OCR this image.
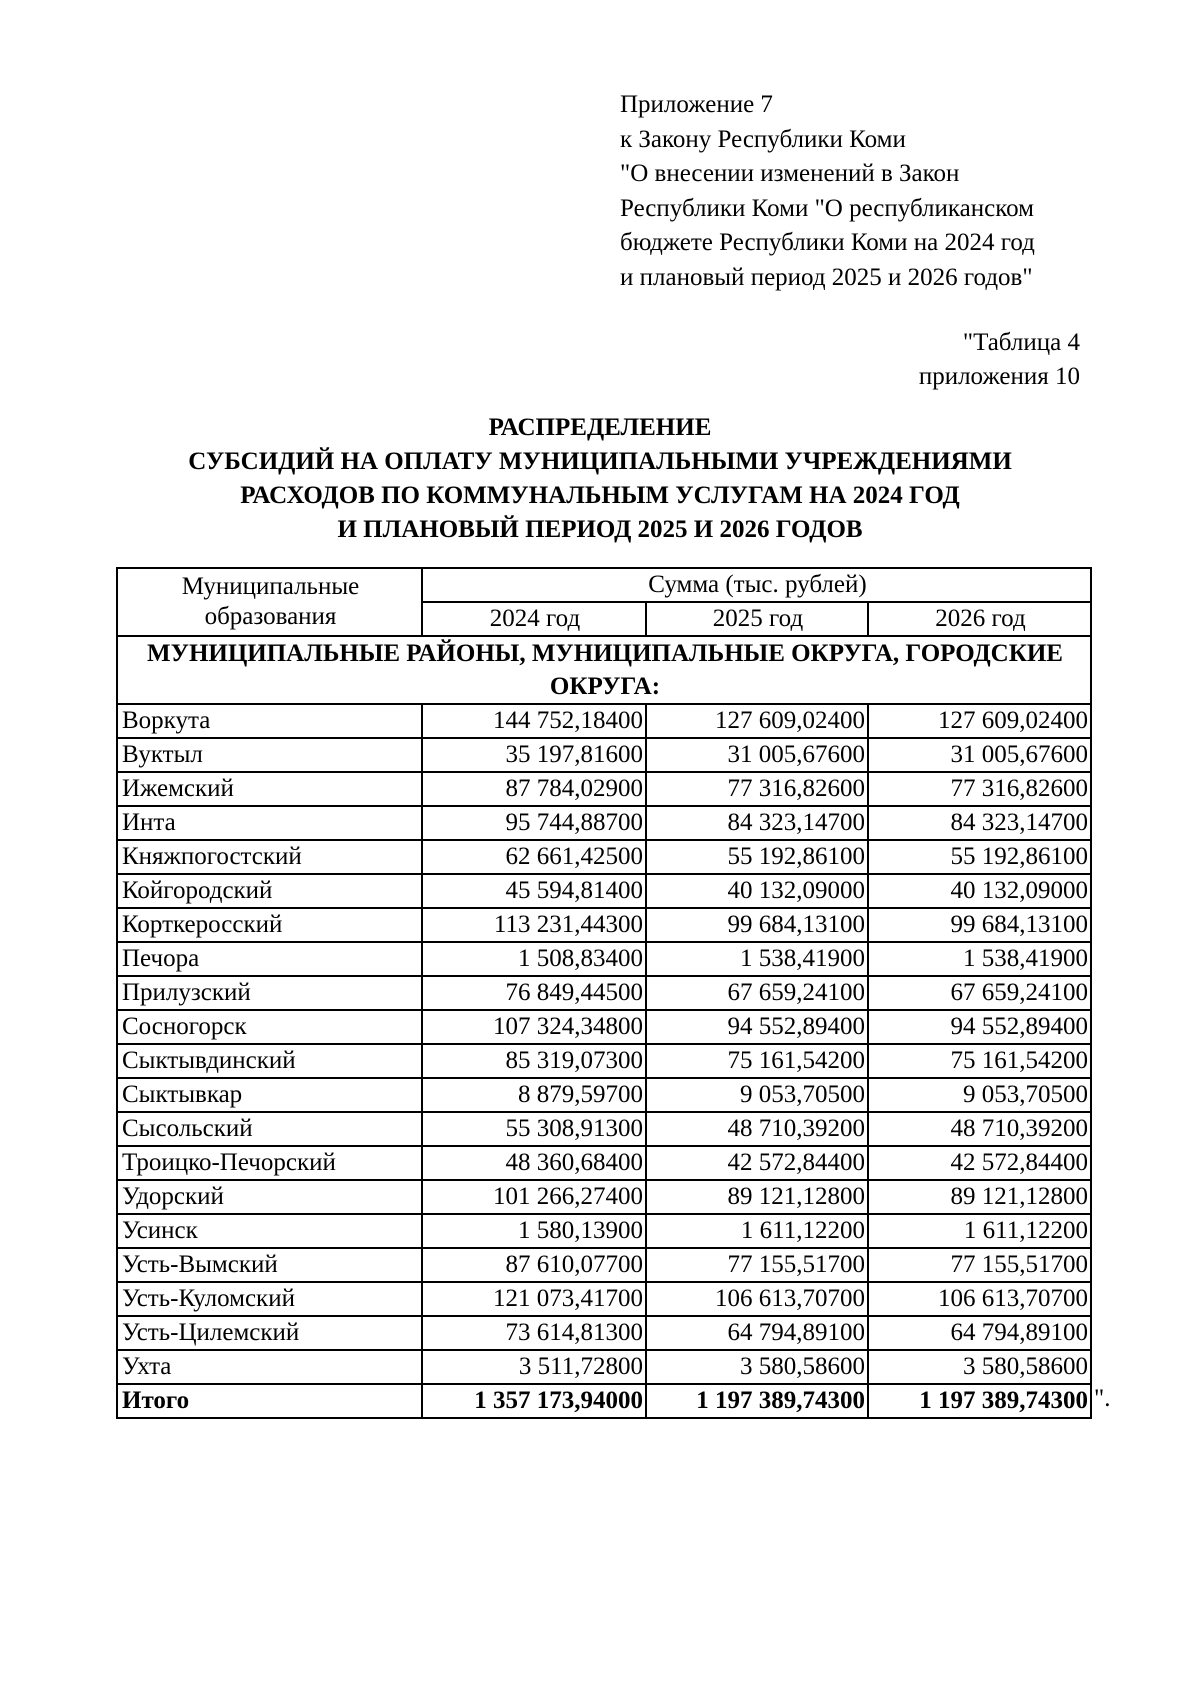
Приложение 7
к Закону Республики Коми
"О внесении изменений в Закон
Республики Коми "О республиканском
бюджете Республики Коми на 2024 год
и плановый период 2025 и 2026 годов"
"Таблица 4
приложения 10
РАСПРЕДЕЛЕНИЕ
СУБСИДИЙ НА ОПЛАТУ МУНИЦИПАЛЬНЫМИ УЧРЕЖДЕНИЯМИ
РАСХОДОВ ПО КОММУНАЛЬНЫМ УСЛУГАМ НА 2024 ГОД
И ПЛАНОВЫЙ ПЕРИОД 2025 И 2026 ГОДОВ
Муниципальные образования	Сумма (тыс. рублей)		
	2024 год	2025 год	2026 год
МУНИЦИПАЛЬНЫЕ РАЙОНЫ, МУНИЦИПАЛЬНЫЕ ОКРУГА, ГОРОДСКИЕ ОКРУГА:			
Воркута	144 752,18400	127 609,02400	127 609,02400
Вуктыл	35 197,81600	31 005,67600	31 005,67600
Ижемский	87 784,02900	77 316,82600	77 316,82600
Инта	95 744,88700	84 323,14700	84 323,14700
Княжпогостский	62 661,42500	55 192,86100	55 192,86100
Койгородский	45 594,81400	40 132,09000	40 132,09000
Корткеросский	113 231,44300	99 684,13100	99 684,13100
Печора	1 508,83400	1 538,41900	1 538,41900
Прилузский	76 849,44500	67 659,24100	67 659,24100
Сосногорск	107 324,34800	94 552,89400	94 552,89400
Сыктывдинский	85 319,07300	75 161,54200	75 161,54200
Сыктывкар	8 879,59700	9 053,70500	9 053,70500
Сысольский	55 308,91300	48 710,39200	48 710,39200
Троицко-Печорский	48 360,68400	42 572,84400	42 572,84400
Удорский	101 266,27400	89 121,12800	89 121,12800
Усинск	1 580,13900	1 611,12200	1 611,12200
Усть-Вымский	87 610,07700	77 155,51700	77 155,51700
Усть-Куломский	121 073,41700	106 613,70700	106 613,70700
Усть-Цилемский	73 614,81300	64 794,89100	64 794,89100
Ухта	3 511,72800	3 580,58600	3 580,58600
Итого	1 357 173,94000	1 197 389,74300	1 197 389,74300 ".
